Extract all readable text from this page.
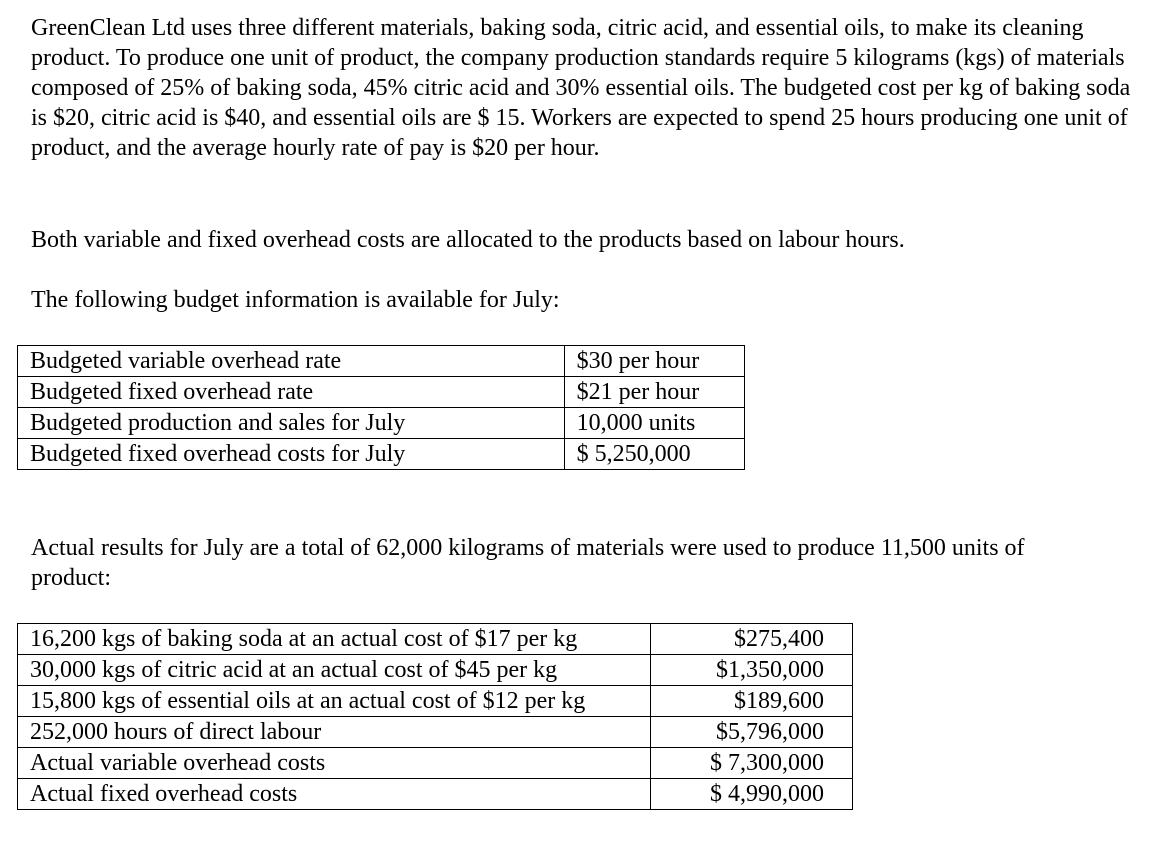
GreenClean Ltd uses three different materials, baking soda, citric acid, and essential oils, to make its cleaning product. To produce one unit of product, the company production standards require 5 kilograms (kgs) of materials composed of 25% of baking soda, 45% citric acid and 30% essential oils. The budgeted cost per kg of baking soda is $20, citric acid is $40, and essential oils are $ 15. Workers are expected to spend 25 hours producing one unit of product, and the average hourly rate of pay is $20 per hour.

Both variable and fixed overhead costs are allocated to the products based on labour hours.

The following budget information is available for July:

Budgeted variable overhead rate	$30 per hour
Budgeted fixed overhead rate	$21 per hour
Budgeted production and sales for July	10,000 units
Budgeted fixed overhead costs for July	$ 5,250,000

Actual results for July are a total of 62,000 kilograms of materials were used to produce 11,500 units of product:

16,200 kgs of baking soda at an actual cost of $17 per kg	$275,400
30,000 kgs of citric acid at an actual cost of $45 per kg	$1,350,000
15,800 kgs of essential oils at an actual cost of $12 per kg	$189,600
252,000 hours of direct labour	$5,796,000
Actual variable overhead costs	$ 7,300,000
Actual fixed overhead costs	$ 4,990,000
